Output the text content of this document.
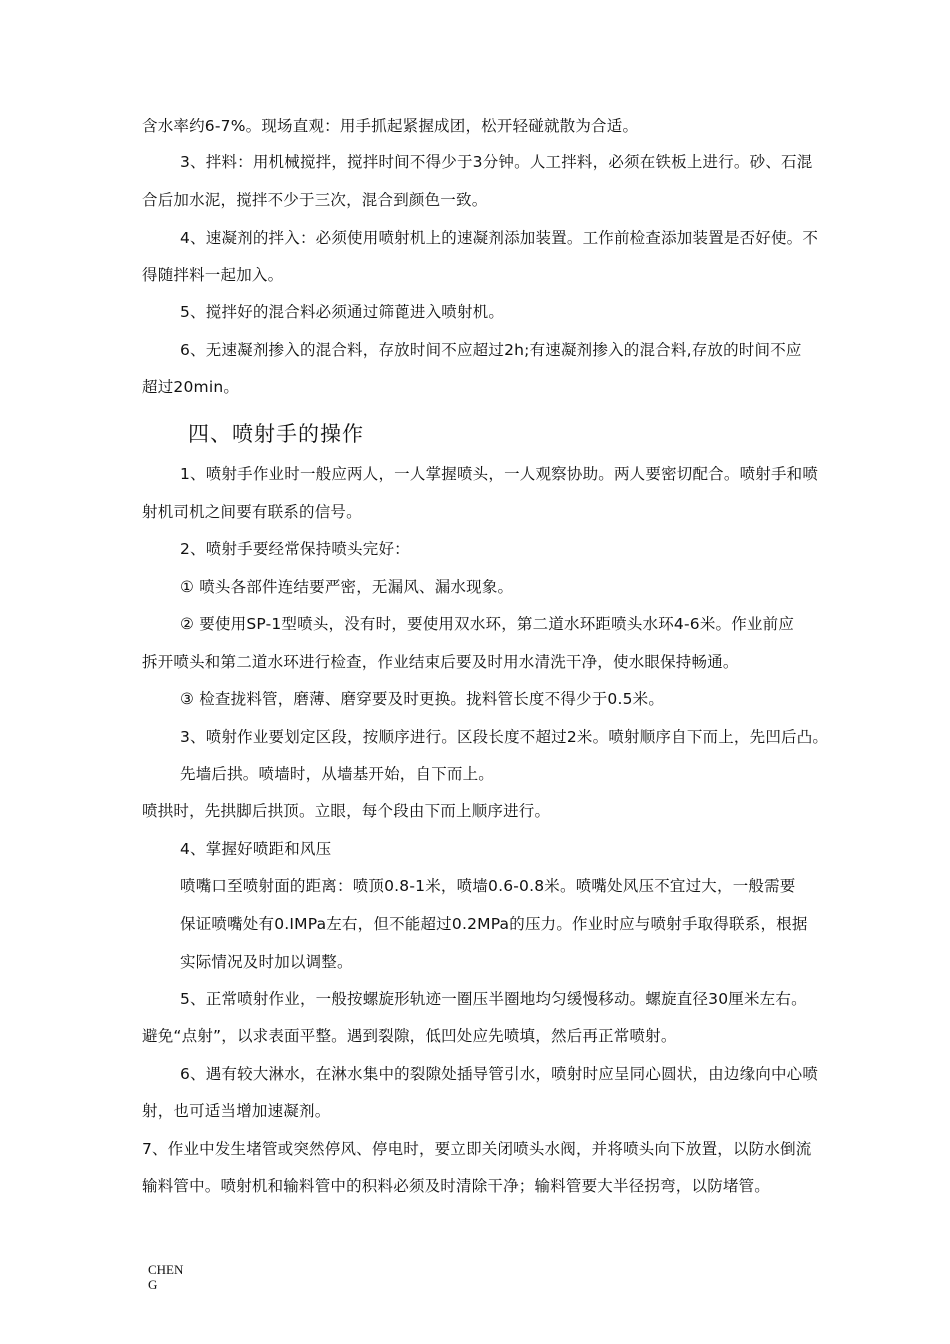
含水率约6-7%。现场直观：用手抓起紧握成团，松开轻碰就散为合适。
3、拌料：用机械搅拌，搅拌时间不得少于3分钟。人工拌料，必须在铁板上进行。砂、石混
合后加水泥，搅拌不少于三次，混合到颜色一致。
4、速凝剂的拌入：必须使用喷射机上的速凝剂添加装置。工作前检查添加装置是否好使。不
得随拌料一起加入。
5、搅拌好的混合料必须通过筛蓖进入喷射机。
6、无速凝剂掺入的混合料，存放时间不应超过2h;有速凝剂掺入的混合料,存放的时间不应
超过20min。
四、喷射手的操作
1、喷射手作业时一般应两人，一人掌握喷头，一人观察协助。两人要密切配合。喷射手和喷
射机司机之间要有联系的信号。
2、喷射手要经常保持喷头完好：
① 喷头各部件连结要严密，无漏风、漏水现象。
② 要使用SP-1型喷头，没有时，要使用双水环，第二道水环距喷头水环4-6米。作业前应
拆开喷头和第二道水环进行检查，作业结束后要及时用水清洗干净，使水眼保持畅通。
③ 检查拢料管，磨薄、磨穿要及时更换。拢料管长度不得少于0.5米。
3、喷射作业要划定区段，按顺序进行。区段长度不超过2米。喷射顺序自下而上，先凹后凸。
先墙后拱。喷墙时，从墙基开始，自下而上。
喷拱时，先拱脚后拱顶。立眼，每个段由下而上顺序进行。
4、掌握好喷距和风压
喷嘴口至喷射面的距离：喷顶0.8-1米，喷墙0.6-0.8米。喷嘴处风压不宜过大，一般需要
保证喷嘴处有0.IMPa左右，但不能超过0.2MPa的压力。作业时应与喷射手取得联系，根据
实际情况及时加以调整。
5、正常喷射作业，一般按螺旋形轨迹一圈压半圈地均匀缓慢移动。螺旋直径30厘米左右。
避免“点射”，以求表面平整。遇到裂隙，低凹处应先喷填，然后再正常喷射。
6、遇有较大淋水，在淋水集中的裂隙处插导管引水，喷射时应呈同心圆状，由边缘向中心喷
射，也可适当增加速凝剂。
7、作业中发生堵管或突然停风、停电时，要立即关闭喷头水阀，并将喷头向下放置，以防水倒流
输料管中。喷射机和输料管中的积料必须及时清除干净；输料管要大半径拐弯，以防堵管。
CHEN
G
